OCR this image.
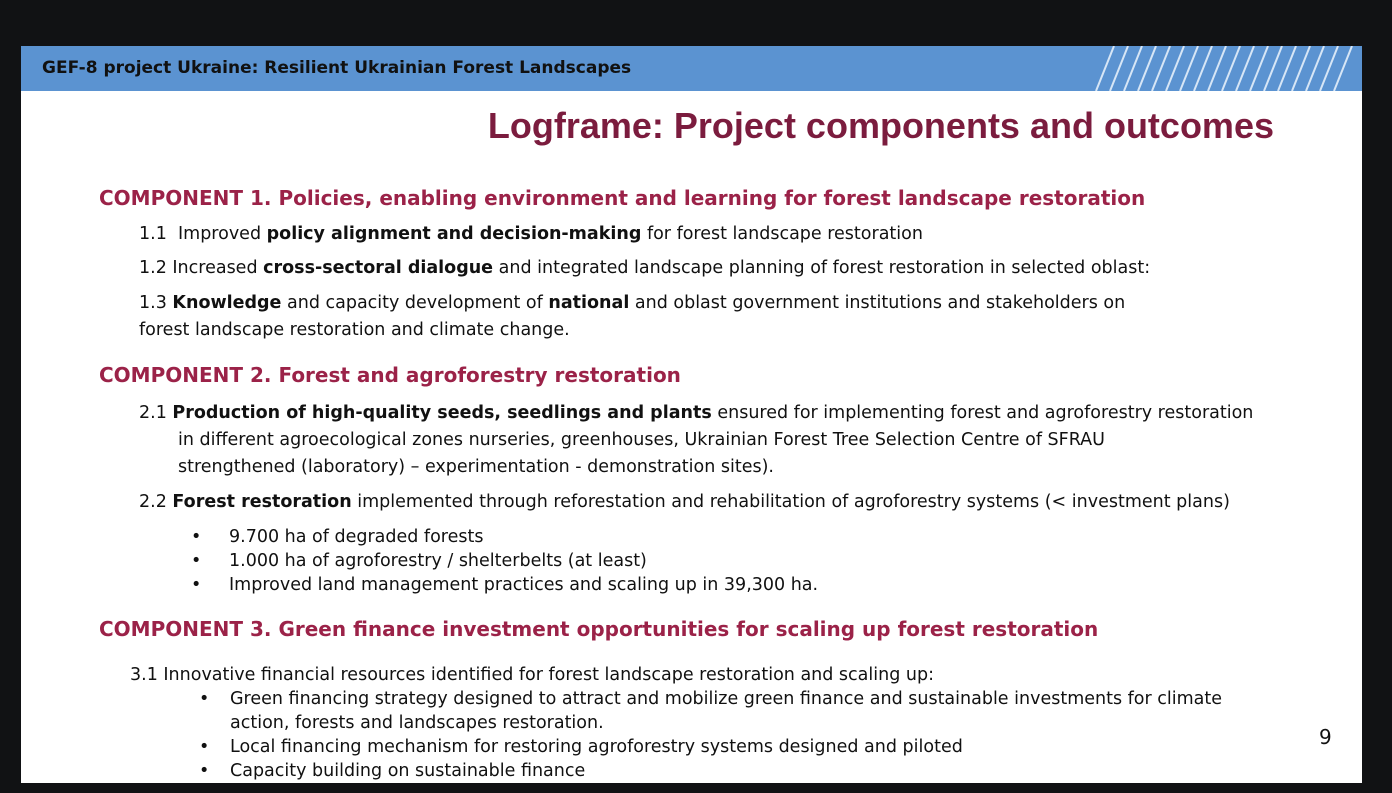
GEF-8 project Ukraine: Resilient Ukrainian Forest Landscapes
Logframe: Project components and outcomes
COMPONENT 1. Policies, enabling environment and learning for forest landscape restoration
1.1 Improved policy alignment and decision-making for forest landscape restoration
1.2 Increased cross-sectoral dialogue and integrated landscape planning of forest restoration in selected oblast:
1.3 Knowledge and capacity development of national and oblast government institutions and stakeholders on
forest landscape restoration and climate change.
COMPONENT 2. Forest and agroforestry restoration
2.1 Production of high-quality seeds, seedlings and plants ensured for implementing forest and agroforestry restoration
in different agroecological zones nurseries, greenhouses, Ukrainian Forest Tree Selection Centre of SFRAU
strengthened (laboratory) – experimentation - demonstration sites).
2.2 Forest restoration implemented through reforestation and rehabilitation of agroforestry systems (< investment plans)
• 9.700 ha of degraded forests
• 1.000 ha of agroforestry / shelterbelts (at least)
• Improved land management practices and scaling up in 39,300 ha.
COMPONENT 3. Green finance investment opportunities for scaling up forest restoration
3.1 Innovative financial resources identified for forest landscape restoration and scaling up:
• Green financing strategy designed to attract and mobilize green finance and sustainable investments for climate
action, forests and landscapes restoration.
• Local financing mechanism for restoring agroforestry systems designed and piloted
• Capacity building on sustainable finance
9
